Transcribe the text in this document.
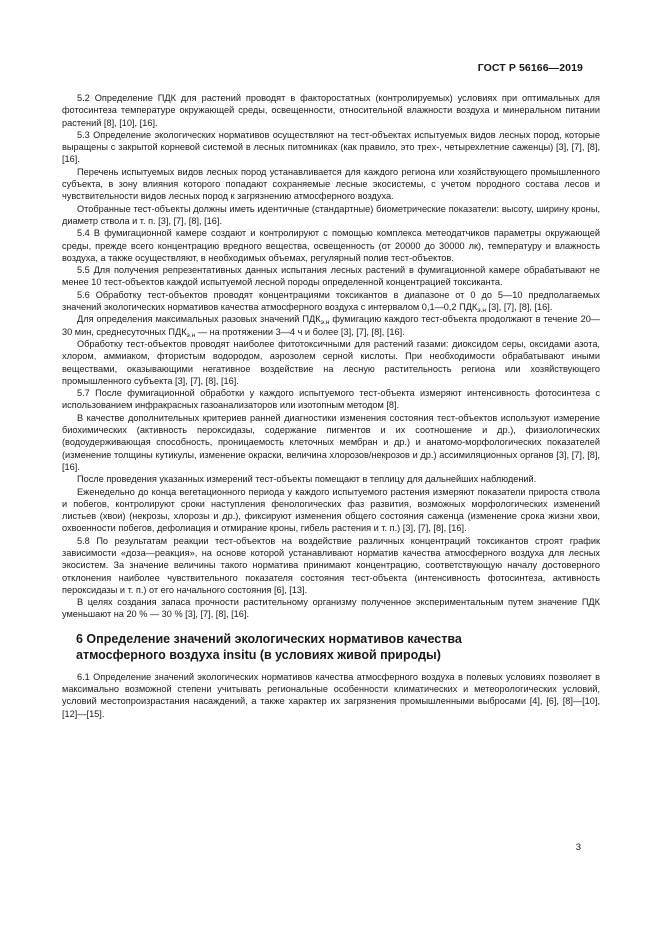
ГОСТ Р 56166—2019

5.2 Определение ПДК для растений проводят в факторостатных (контролируемых) условиях при оптимальных для фотосинтеза температуре окружающей среды, освещенности, относительной влажности воздуха и минеральном питании растений [8], [10], [16].

5.3 Определение экологических нормативов осуществляют на тест-объектах испытуемых видов лесных пород, которые выращены с закрытой корневой системой в лесных питомниках (как правило, это трех-, четырехлетние саженцы) [3], [7], [8], [16].

Перечень испытуемых видов лесных пород устанавливается для каждого региона или хозяйствующего промышленного субъекта, в зону влияния которого попадают сохраняемые лесные экосистемы, с учетом породного состава лесов и чувствительности видов лесных пород к загрязнению атмосферного воздуха.

Отобранные тест-объекты должны иметь идентичные (стандартные) биометрические показатели: высоту, ширину кроны, диаметр ствола и т. п. [3], [7], [8], [16].

5.4 В фумигационной камере создают и контролируют с помощью комплекса метеодатчиков параметры окружающей среды, прежде всего концентрацию вредного вещества, освещенность (от 20000 до 30000 лк), температуру и влажность воздуха, а также осуществляют, в необходимых объемах, регулярный полив тест-объектов.

5.5 Для получения репрезентативных данных испытания лесных растений в фумигационной камере обрабатывают не менее 10 тест-объектов каждой испытуемой лесной породы определенной концентрацией токсиканта.

5.6 Обработку тест-объектов проводят концентрациями токсикантов в диапазоне от 0 до 5—10 предполагаемых значений экологических нормативов качества атмосферного воздуха с интервалом 0,1—0,2 $ПДК_{э.н}$ [3], [7], [8], [16].

Для определения максимальных разовых значений $ПДК_{э.н}$ фумигацию каждого тест-объекта продолжают в течение 20—30 мин, среднесуточных $ПДК_{э.н}$ — на протяжении 3—4 ч и более [3], [7], [8], [16].

Обработку тест-объектов проводят наиболее фитотоксичными для растений газами: диоксидом серы, оксидами азота, хлором, аммиаком, фтористым водородом, аэрозолем серной кислоты. При необходимости обрабатывают иными веществами, оказывающими негативное воздействие на лесную растительность региона или хозяйствующего промышленного субъекта [3], [7], [8], [16].

5.7 После фумигационной обработки у каждого испытуемого тест-объекта измеряют интенсивность фотосинтеза с использованием инфракрасных газоанализаторов или изотопным методом [8].

В качестве дополнительных критериев ранней диагностики изменения состояния тест-объектов используют измерение биохимических (активность пероксидазы, содержание пигментов и их соотношение и др.), физиологических (водоудерживающая способность, проницаемость клеточных мембран и др.) и анатомо-морфологических показателей (изменение толщины кутикулы, изменение окраски, величина хлорозов/некрозов и др.) ассимиляционных органов [3], [7], [8], [16].

После проведения указанных измерений тест-объекты помещают в теплицу для дальнейших наблюдений.

Еженедельно до конца вегетационного периода у каждого испытуемого растения измеряют показатели прироста ствола и побегов, контролируют сроки наступления фенологических фаз развития, возможных морфологических изменений листьев (хвои) (некрозы, хлорозы и др.), фиксируют изменения общего состояния саженца (изменение срока жизни хвои, охвоенности побегов, дефолиация и отмирание кроны, гибель растения и т. п.) [3], [7], [8], [16].

5.8 По результатам реакции тест-объектов на воздействие различных концентраций токсикантов строят график зависимости «доза—реакция», на основе которой устанавливают норматив качества атмосферного воздуха для лесных экосистем. За значение величины такого норматива принимают концентрацию, соответствующую началу достоверного отклонения наиболее чувствительного показателя состояния тест-объекта (интенсивность фотосинтеза, активность пероксидазы и т. п.) от его начального состояния [6], [13].

В целях создания запаса прочности растительному организму полученное экспериментальным путем значение ПДК уменьшают на 20 % — 30 % [3], [7], [8], [16].

6 Определение значений экологических нормативов качества
атмосферного воздуха insitu (в условиях живой природы)

6.1 Определение значений экологических нормативов качества атмосферного воздуха в полевых условиях позволяет в максимально возможной степени учитывать региональные особенности климатических и метеорологических условий, условий местопроизрастания насаждений, а также характер их загрязнения промышленными выбросами [4], [6], [8]—[10], [12]—[15].

3
